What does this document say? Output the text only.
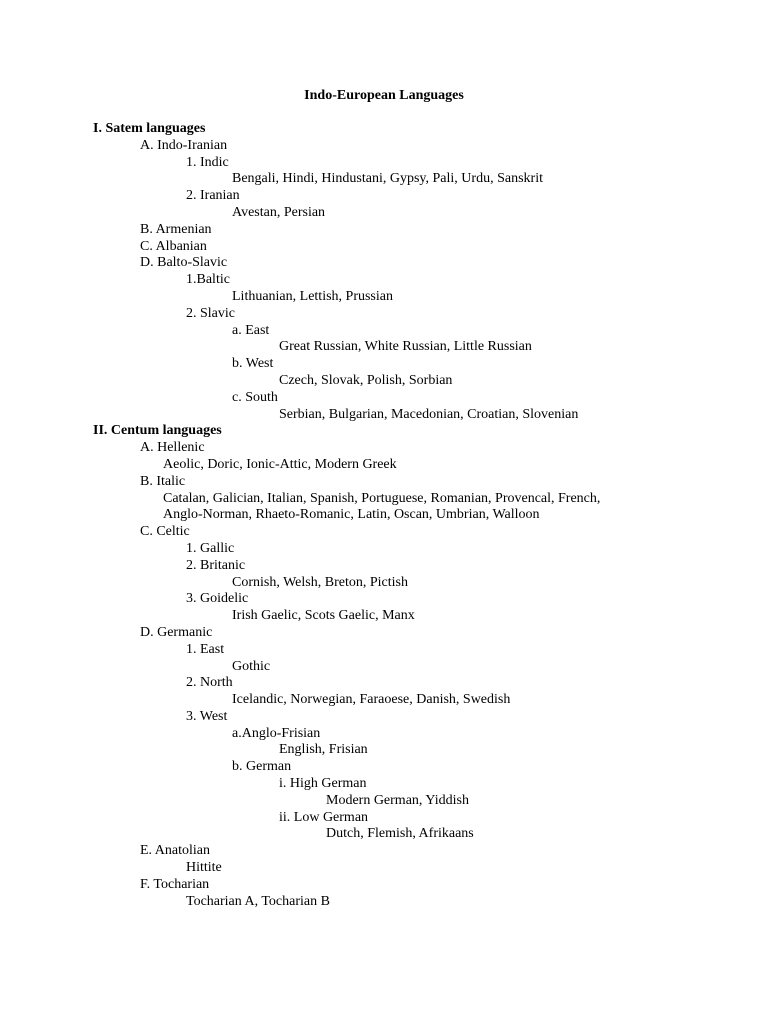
Indo-European Languages
I. Satem languages
A. Indo-Iranian
1. Indic
Bengali, Hindi, Hindustani, Gypsy, Pali, Urdu, Sanskrit
2. Iranian
Avestan, Persian
B. Armenian
C. Albanian
D. Balto-Slavic
1.Baltic
Lithuanian, Lettish, Prussian
2. Slavic
a. East
Great Russian, White Russian, Little Russian
b. West
Czech, Slovak, Polish, Sorbian
c. South
Serbian, Bulgarian, Macedonian, Croatian, Slovenian
II. Centum languages
A. Hellenic
Aeolic, Doric, Ionic-Attic, Modern Greek
B. Italic
Catalan, Galician, Italian, Spanish, Portuguese, Romanian, Provencal, French,
Anglo-Norman, Rhaeto-Romanic, Latin, Oscan, Umbrian, Walloon
C. Celtic
1. Gallic
2. Britanic
Cornish, Welsh, Breton, Pictish
3. Goidelic
Irish Gaelic, Scots Gaelic, Manx
D. Germanic
1. East
Gothic
2. North
Icelandic, Norwegian, Faraoese, Danish, Swedish
3. West
a.Anglo-Frisian
English, Frisian
b. German
i. High German
Modern German, Yiddish
ii. Low German
Dutch, Flemish, Afrikaans
E. Anatolian
Hittite
F. Tocharian
Tocharian A, Tocharian B
